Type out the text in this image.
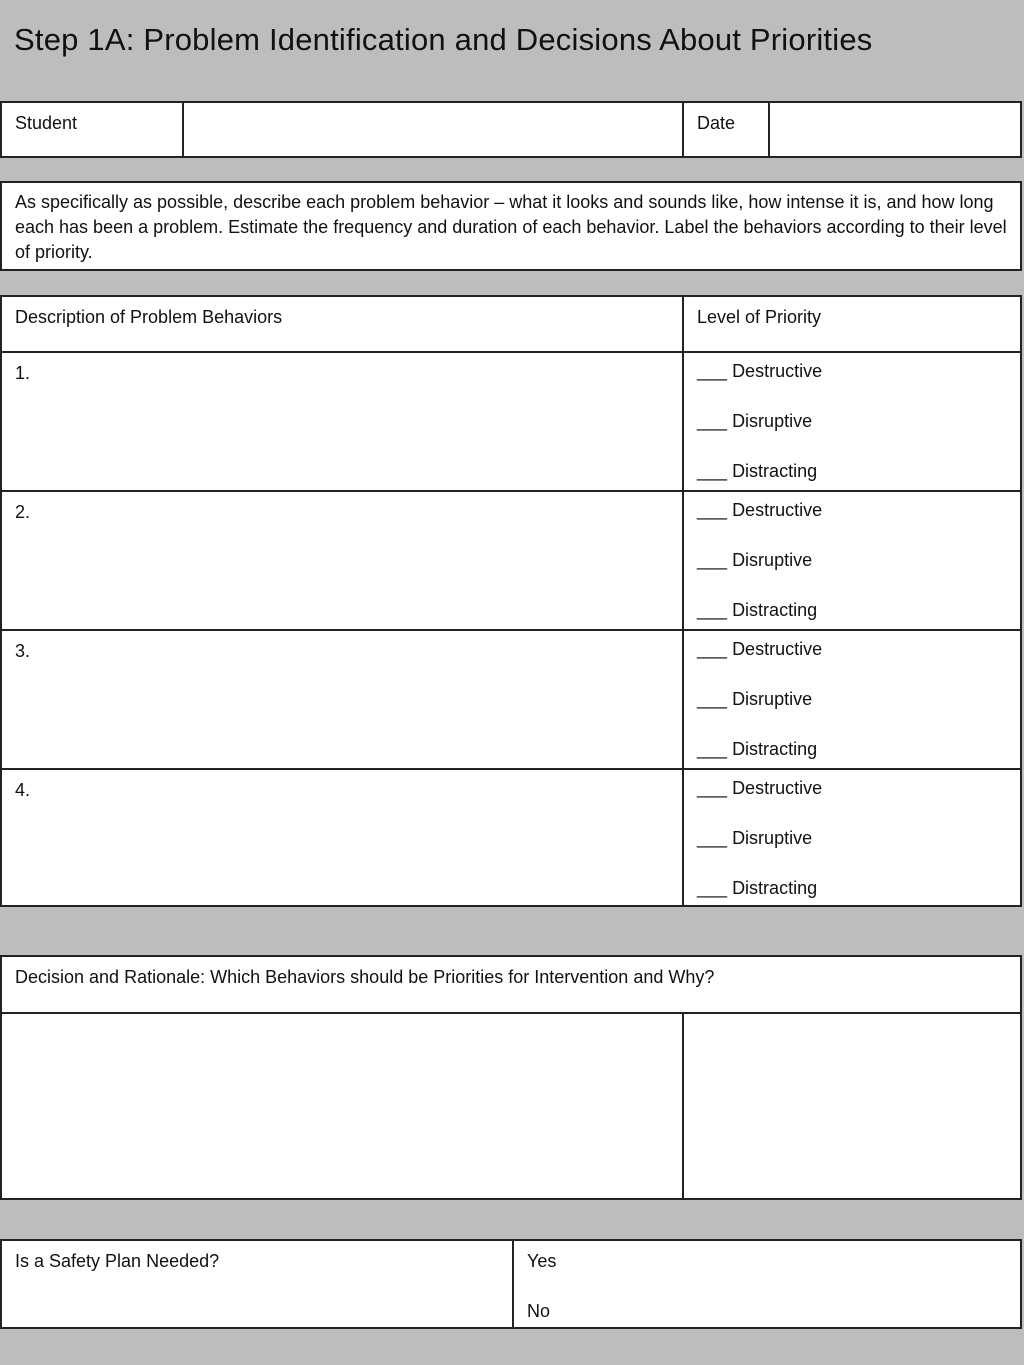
Step 1A: Problem Identification and Decisions About Priorities
Student	Date
As specifically as possible, describe each problem behavior – what it looks and sounds like, how intense it is, and how long each has been a problem. Estimate the frequency and duration of each behavior. Label the behaviors according to their level of priority.
Description of Problem Behaviors	Level of Priority
1.	___ Destructive
___ Disruptive
___ Distracting
2.	___ Destructive
___ Disruptive
___ Distracting
3.	___ Destructive
___ Disruptive
___ Distracting
4.	___ Destructive
___ Disruptive
___ Distracting
Decision and Rationale: Which Behaviors should be Priorities for Intervention and Why?
Is a Safety Plan Needed?	Yes
No
